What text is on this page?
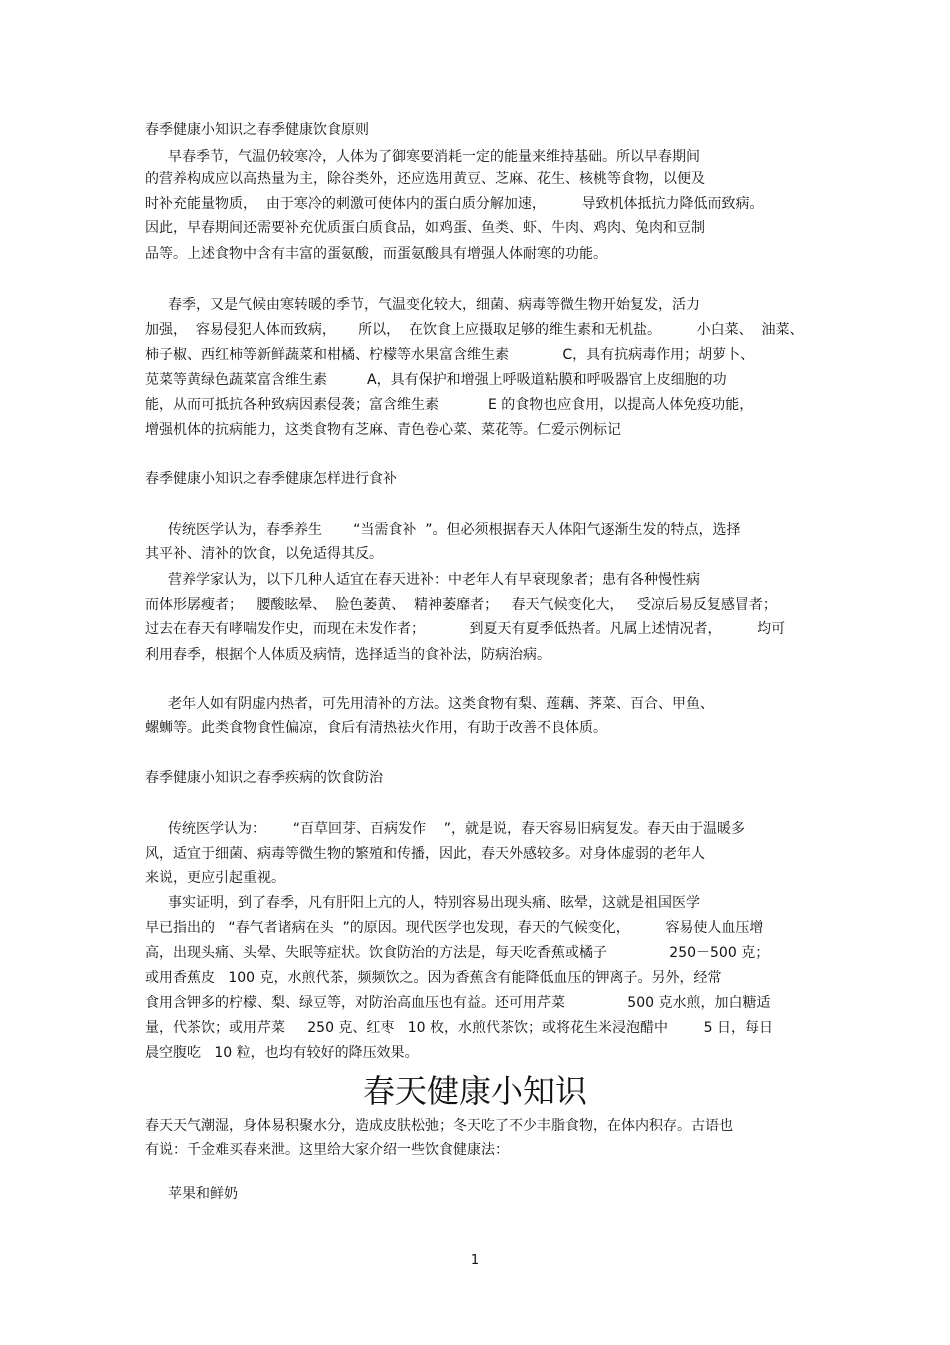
春季健康小知识之春季健康饮食原则
早春季节，气温仍较寒冷，人体为了御寒要消耗一定的能量来维持基础。所以早春期间
的营养构成应以高热量为主，除谷类外，还应选用黄豆、芝麻、花生、核桃等食物，以便及
时补充能量物质，  由于寒冷的刺激可使体内的蛋白质分解加速，        导致机体抵抗力降低而致病。
因此，早春期间还需要补充优质蛋白质食品，如鸡蛋、鱼类、虾、牛肉、鸡肉、兔肉和豆制
品等。上述食物中含有丰富的蛋氨酸，而蛋氨酸具有增强人体耐寒的功能。
春季，又是气候由寒转暖的季节，气温变化较大，细菌、病毒等微生物开始复发，活力
加强，  容易侵犯人体而致病，     所以，  在饮食上应摄取足够的维生素和无机盐。        小白菜、  油菜、
柿子椒、西红柿等新鲜蔬菜和柑橘、柠檬等水果富含维生素            C，具有抗病毒作用；胡萝卜、
苋菜等黄绿色蔬菜富含维生素         A，具有保护和增强上呼吸道粘膜和呼吸器官上皮细胞的功
能，从而可抵抗各种致病因素侵袭；富含维生素           E 的食物也应食用，以提高人体免疫功能，
增强机体的抗病能力，这类食物有芝麻、青色卷心菜、菜花等。仁爱示例标记
春季健康小知识之春季健康怎样进行食补
传统医学认为，春季养生       “当需食补  ”。但必须根据春天人体阳气逐渐生发的特点，选择
其平补、清补的饮食，以免适得其反。
营养学家认为，以下几种人适宜在春天进补：中老年人有早衰现象者；患有各种慢性病
而体形孱瘦者；   腰酸眩晕、  脸色萎黄、  精神萎靡者；   春天气候变化大，   受凉后易反复感冒者；
过去在春天有哮喘发作史，而现在未发作者；          到夏天有夏季低热者。凡属上述情况者，        均可
利用春季，根据个人体质及病情，选择适当的食补法，防病治病。
老年人如有阴虚内热者，可先用清补的方法。这类食物有梨、莲藕、荠菜、百合、甲鱼、
螺蛳等。此类食物食性偏凉，食后有清热祛火作用，有助于改善不良体质。
春季健康小知识之春季疾病的饮食防治
传统医学认为：      “百草回芽、百病发作    ”，就是说，春天容易旧病复发。春天由于温暖多
风，适宜于细菌、病毒等微生物的繁殖和传播，因此，春天外感较多。对身体虚弱的老年人
来说，更应引起重视。
事实证明，到了春季，凡有肝阳上亢的人，特别容易出现头痛、眩晕，这就是祖国医学
早已指出的   “春气者诸病在头  ”的原因。现代医学也发现，春天的气候变化，        容易使人血压增
高，出现头痛、头晕、失眠等症状。饮食防治的方法是，每天吃香蕉或橘子              250－500 克；
或用香蕉皮   100 克，水煎代茶，频频饮之。因为香蕉含有能降低血压的钾离子。另外，经常
食用含钾多的柠檬、梨、绿豆等，对防治高血压也有益。还可用芹菜              500 克水煎，加白糖适
量，代茶饮；或用芹菜     250 克、红枣   10 枚，水煎代茶饮；或将花生米浸泡醋中        5 日，每日
晨空腹吃   10 粒，也均有较好的降压效果。
春天健康小知识
春天天气潮湿，身体易积聚水分，造成皮肤松弛；冬天吃了不少丰脂食物，在体内积存。古语也
有说：千金难买春来泄。这里给大家介绍一些饮食健康法：
苹果和鲜奶
1
